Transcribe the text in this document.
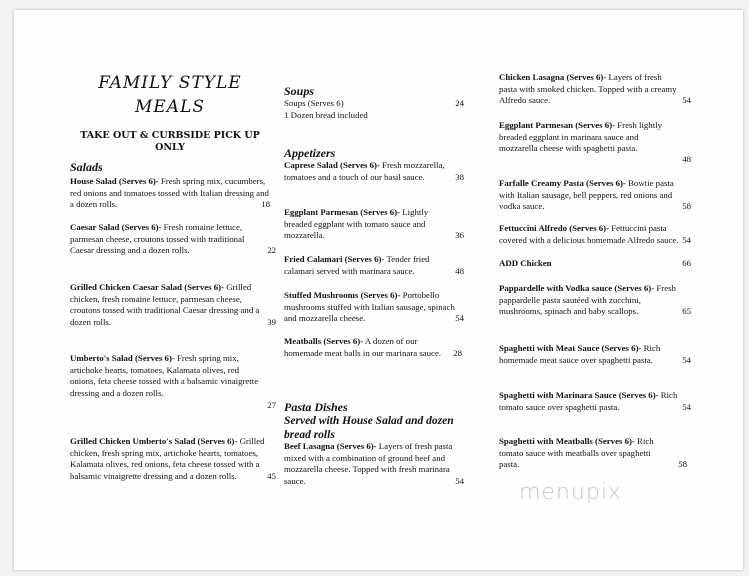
FAMILY STYLE
MEALS
TAKE OUT & CURBSIDE PICK UP
ONLY
Salads
House Salad (Serves 6)- Fresh spring mix, cucumbers, red onions and tomatoes tossed with Italian dressing and a dozen rolls.	18
Caesar Salad (Serves 6)- Fresh romaine lettuce, parmesan cheese, croutons tossed with traditional Caesar dressing and a dozen rolls.	22
Grilled Chicken Caesar Salad (Serves 6)- Grilled chicken, fresh romaine lettuce, parmesan cheese, croutons tossed with traditional Caesar dressing and a dozen rolls.	39
Umberto's Salad (Serves 6)- Fresh spring mix, artichoke hearts, tomatoes, Kalamata olives, red onions, feta cheese tossed with a balsamic vinaigrette dressing and a dozen rolls.
27
Grilled Chicken Umberto's Salad (Serves 6)- Grilled chicken, fresh spring mix, artichoke hearts, tomatoes, Kalamata olives, red onions, feta cheese tossed with a balsamic vinaigrette dressing and a dozen rolls.	45
Soups
Soups (Serves 6)	24
1 Dozen bread included
Appetizers
Caprese Salad (Serves 6)- Fresh mozzarella, tomatoes and a touch of our basil sauce.	38
Eggplant Parmesan (Serves 6)- Lightly breaded eggplant with tomato sauce and mozzarella.	36
Fried Calamari (Serves 6)- Tender fried calamari served with marinara sauce.	48
Stuffed Mushrooms (Serves 6)- Portobello mushrooms stuffed with Italian sausage, spinach and mozzarella cheese.	54
Meatballs (Serves 6)- A dozen of our homemade meat balls in our marinara sauce. 28
Pasta Dishes
Served with House Salad and dozen bread rolls
Beef Lasagna (Serves 6)- Layers of fresh pasta mixed with a combination of ground beef and mozzarella cheese. Topped with fresh marinara sauce.	54
Chicken Lasagna (Serves 6)- Layers of fresh pasta with smoked chicken. Topped with a creamy Alfredo sauce.	54
Eggplant Parmesan (Serves 6)- Fresh lightly breaded eggplant in marinara sauce and mozzarella cheese with spaghetti pasta.
48
Farfalle Creamy Pasta (Serves 6)- Bowtie pasta with Italian sausage, bell peppers, red onions and vodka sauce.	58
Fettuccini Alfredo (Serves 6)- Fettuccini pasta covered with a delicious homemade Alfredo sauce. 54
ADD Chicken	66
Pappardelle with Vodka sauce (Serves 6)- Fresh pappardelle pasta sautéed with zucchini, mushrooms, spinach and baby scallops.	65
Spaghetti with Meat Sauce (Serves 6)- Rich homemade meat sauce over spaghetti pasta.	54
Spaghetti with Marinara Sauce (Serves 6)- Rich tomato sauce over spaghetti pasta.	54
Spaghetti with Meatballs (Serves 6)- Rich tomato sauce with meatballs over spaghetti pasta.	58
menupix
